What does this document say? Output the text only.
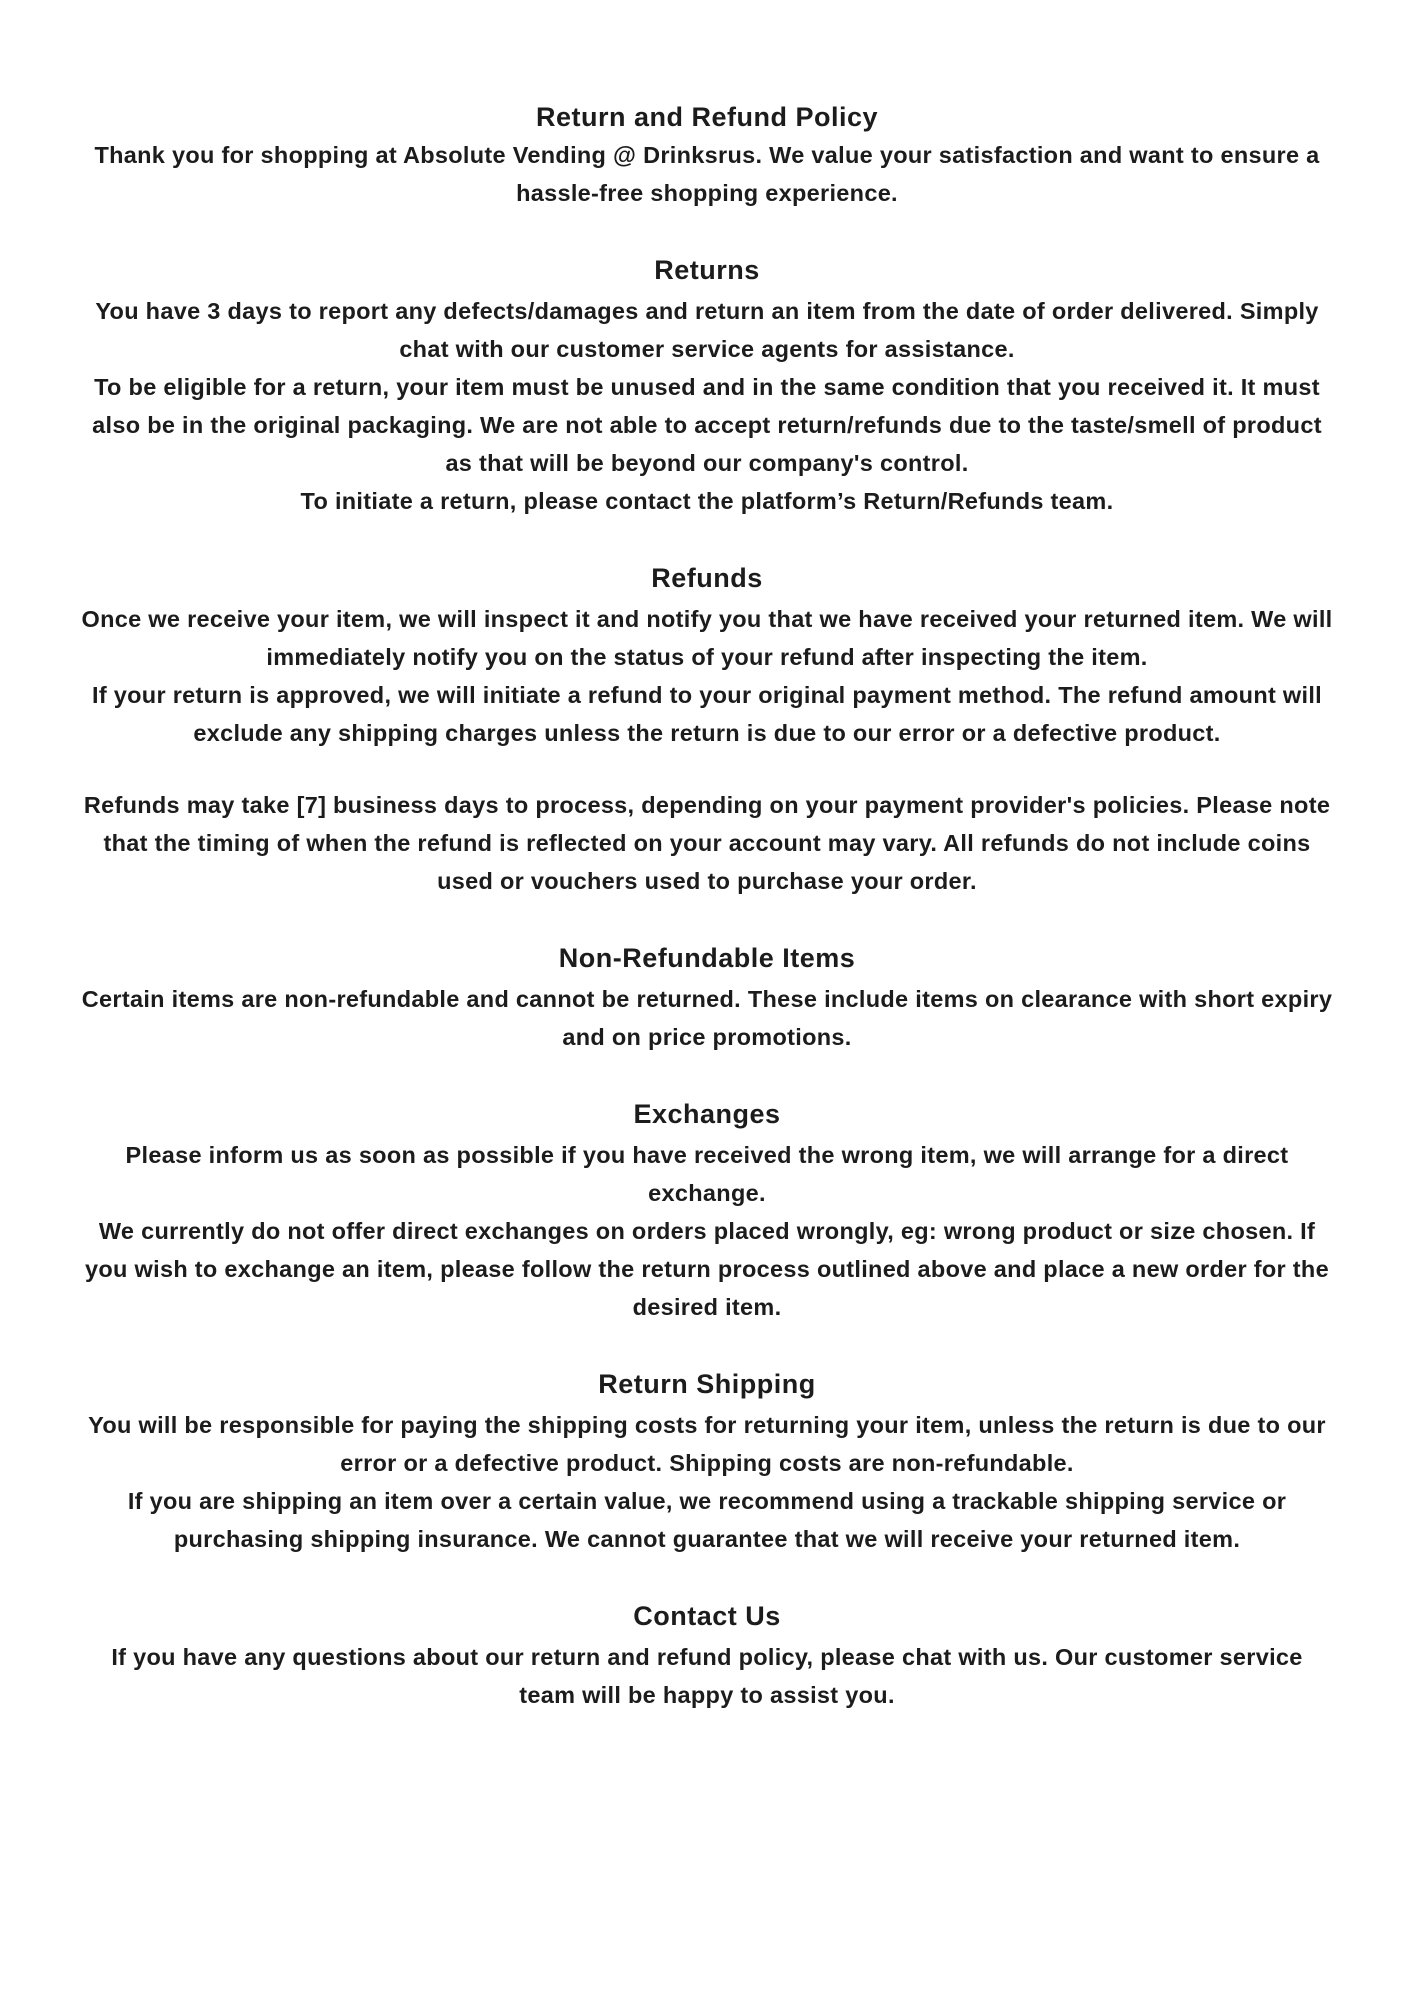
Return and Refund Policy

Thank you for shopping at Absolute Vending @ Drinksrus. We value your satisfaction and want to ensure a hassle-free shopping experience.

Returns

You have 3 days to report any defects/damages and return an item from the date of order delivered. Simply chat with our customer service agents for assistance.

To be eligible for a return, your item must be unused and in the same condition that you received it. It must also be in the original packaging. We are not able to accept return/refunds due to the taste/smell of product as that will be beyond our company's control.

To initiate a return, please contact the platform’s Return/Refunds team.

Refunds

Once we receive your item, we will inspect it and notify you that we have received your returned item. We will immediately notify you on the status of your refund after inspecting the item.

If your return is approved, we will initiate a refund to your original payment method. The refund amount will exclude any shipping charges unless the return is due to our error or a defective product.

Refunds may take [7] business days to process, depending on your payment provider's policies. Please note that the timing of when the refund is reflected on your account may vary. All refunds do not include coins used or vouchers used to purchase your order.

Non-Refundable Items

Certain items are non-refundable and cannot be returned. These include items on clearance with short expiry and on price promotions.

Exchanges

Please inform us as soon as possible if you have received the wrong item, we will arrange for a direct exchange.

We currently do not offer direct exchanges on orders placed wrongly, eg: wrong product or size chosen. If you wish to exchange an item, please follow the return process outlined above and place a new order for the desired item.

Return Shipping

You will be responsible for paying the shipping costs for returning your item, unless the return is due to our error or a defective product. Shipping costs are non-refundable.

If you are shipping an item over a certain value, we recommend using a trackable shipping service or purchasing shipping insurance. We cannot guarantee that we will receive your returned item.

Contact Us

If you have any questions about our return and refund policy, please chat with us. Our customer service team will be happy to assist you.
